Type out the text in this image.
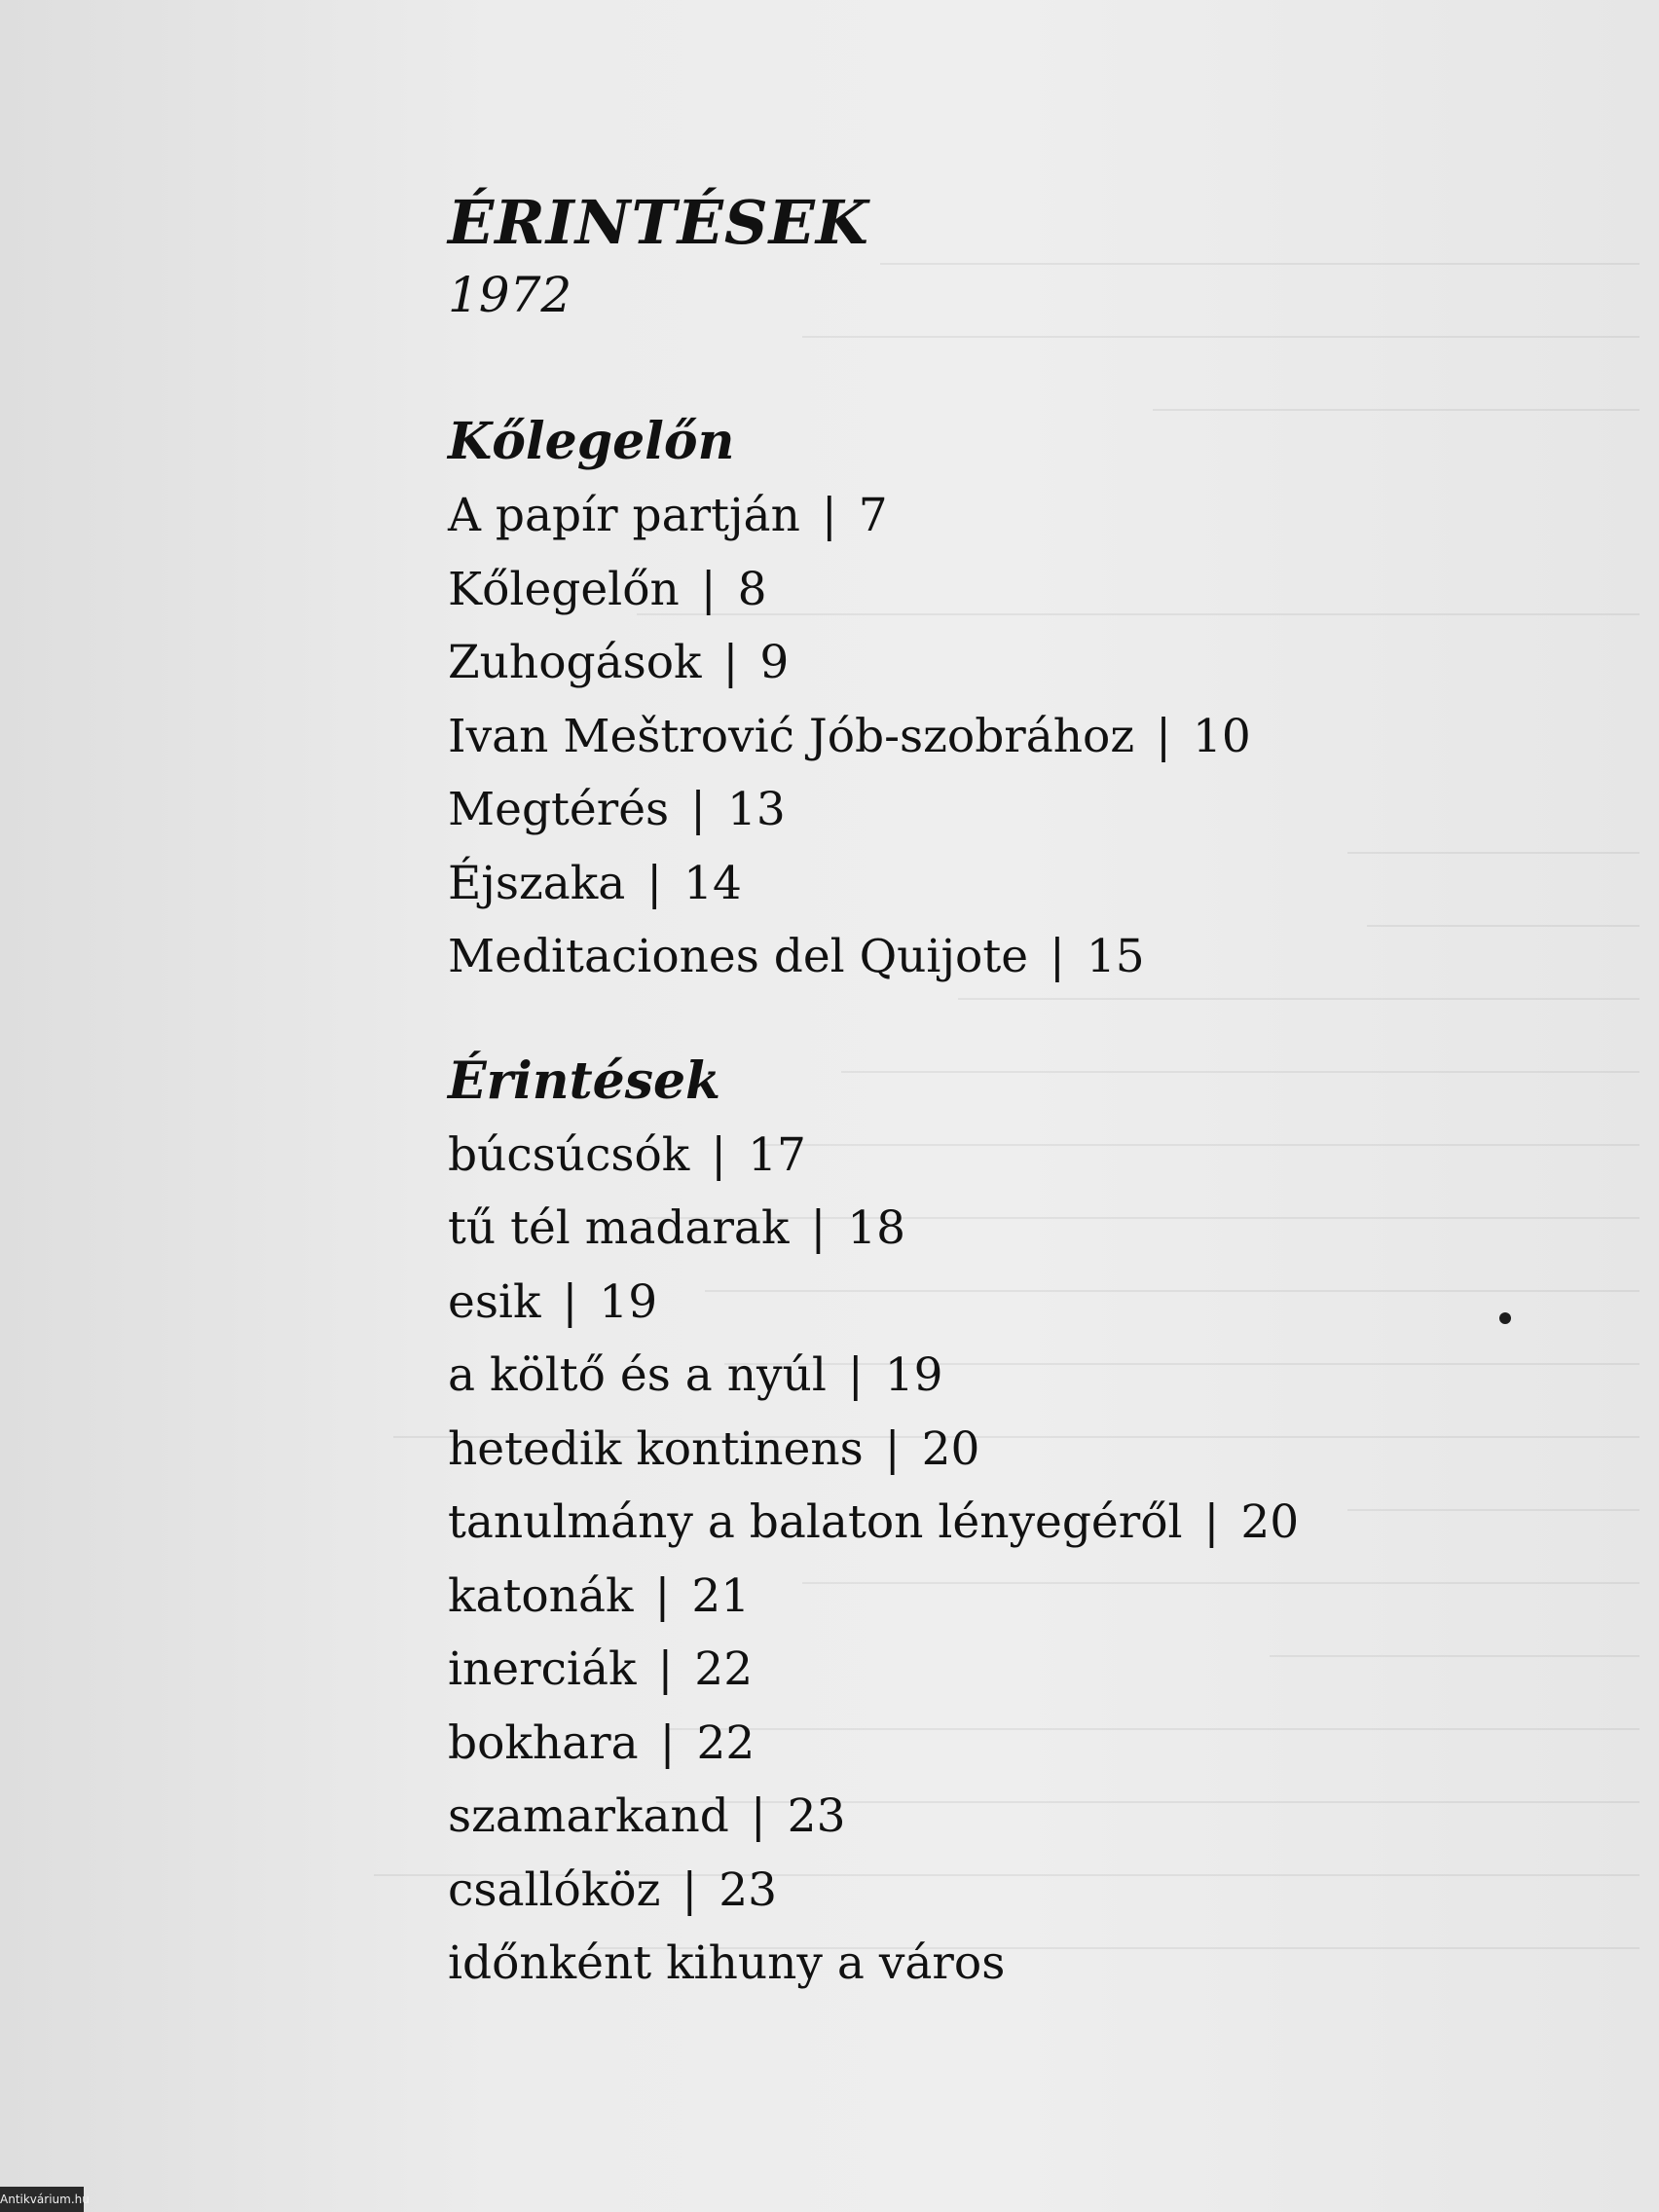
ÉRINTÉSEK
1972
Kőlegelőn
A papír partján | 7
Kőlegelőn | 8
Zuhogások | 9
Ivan Meštrović Jób-szobrához | 10
Megtérés | 13
Éjszaka | 14
Meditaciones del Quijote | 15
Érintések
búcsúcsók | 17
tű tél madarak | 18
esik | 19
a költő és a nyúl | 19
hetedik kontinens | 20
tanulmány a balaton lényegéről | 20
katonák | 21
inerciák | 22
bokhara | 22
szamarkand | 23
csallóköz | 23
időnként kihuny a város
Antikvárium.hu
